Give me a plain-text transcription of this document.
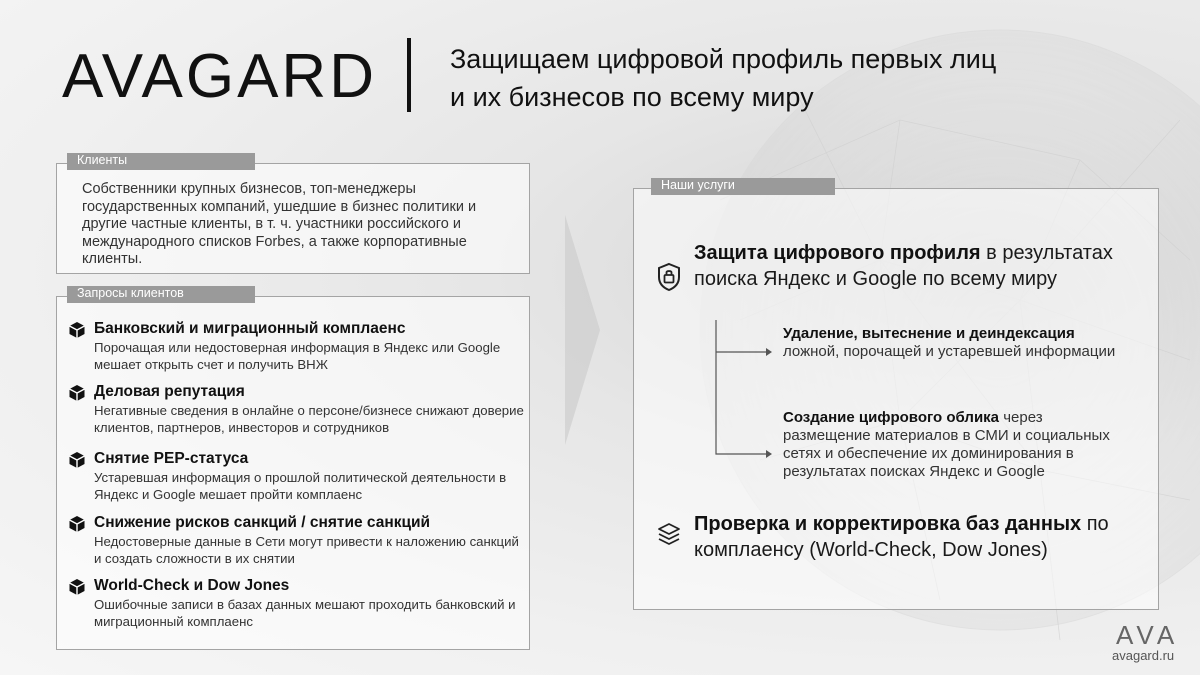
AVAGARD	Защищаем цифровой профиль первых лиц
и их бизнесов по всему миру
Клиенты
Собственники крупных бизнесов, топ-менеджеры государственных компаний, ушедшие в бизнес политики и другие частные клиенты, в т. ч. участники российского и международного списков Forbes, а также корпоративные клиенты.
Запросы клиентов
Банковский и миграционный комплаенс
Порочащая или недостоверная информация в Яндекс или Google мешает открыть счет и получить ВНЖ
Деловая репутация
Негативные сведения в онлайне о персоне/бизнесе снижают доверие клиентов, партнеров, инвесторов и сотрудников
Снятие PEP-статуса
Устаревшая информация о прошлой политической деятельности в Яндекс и Google мешает пройти комплаенс
Снижение рисков санкций / снятие санкций
Недостоверные данные в Сети могут привести к наложению санкций и создать сложности в их снятии
World-Check и Dow Jones
Ошибочные записи в базах данных мешают проходить банковский и миграционный комплаенс
Наши услуги
Защита цифрового профиля в результатах поиска Яндекс и Google по всему миру
Удаление, вытеснение и деиндексация ложной, порочащей и устаревшей информации
Создание цифрового облика через размещение материалов в СМИ и социальных сетях и обеспечение их доминирования в результатах поисках Яндекс и Google
Проверка и корректировка баз данных по комплаенсу (World-Check, Dow Jones)
AVA
avagard.ru
